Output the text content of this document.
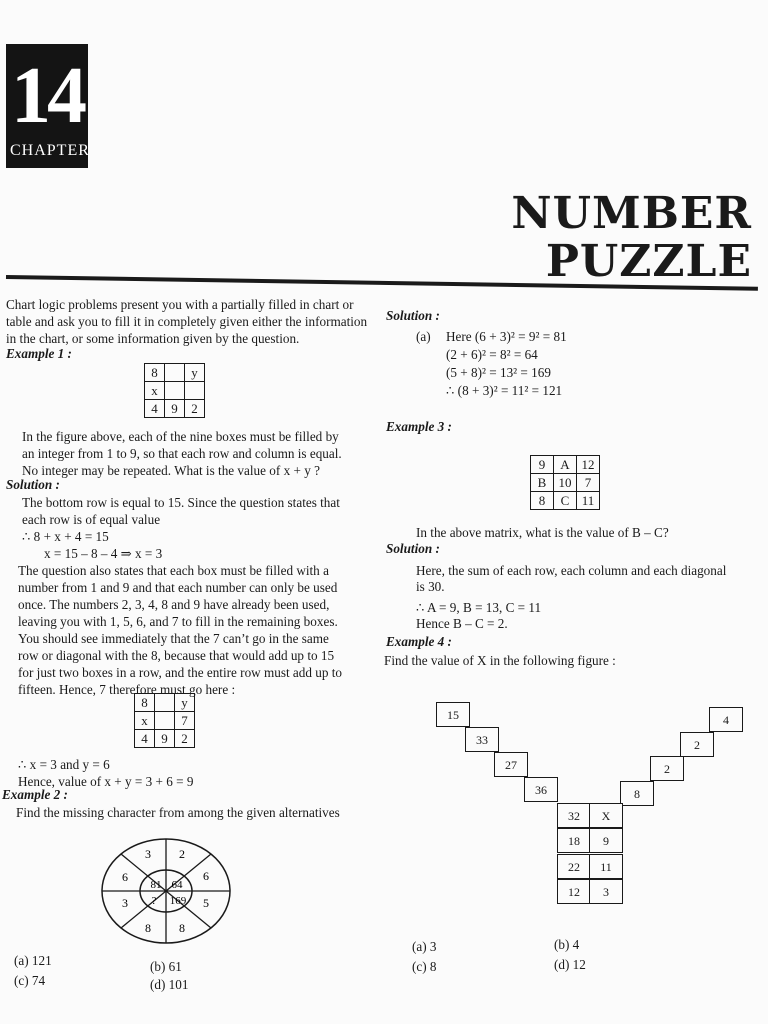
14
CHAPTER
NUMBER
PUZZLE
Chart logic problems present you with a partially filled in chart or
table and ask you to fill it in completely given either the information
in the chart, or some information given by the question.
Example 1 :
8		y
x		
4	9	2
In the figure above, each of the nine boxes must be filled by
an integer from 1 to 9, so that each row and column is equal.
No integer may be repeated. What is the value of x + y ?
Solution :
The bottom row is equal to 15. Since the question states that
each row is of equal value
∴ 8 + x + 4 = 15
x = 15 – 8 – 4 ⇒ x = 3
The question also states that each box must be filled with a
number from 1 and 9 and that each number can only be used
once. The numbers 2, 3, 4, 8 and 9 have already been used,
leaving you with 1, 5, 6, and 7 to fill in the remaining boxes.
You should see immediately that the 7 can’t go in the same
row or diagonal with the 8, because that would add up to 15
for just two boxes in a row, and the entire row must add up to
fifteen. Hence, 7 therefore must go here :
8		y
x		7
4	9	2
∴ x = 3 and y = 6
Hence, value of x + y = 3 + 6 = 9
Example 2 :
Find the missing character from among the given alternatives
3 2
6
5
8
8
3
6
81 64
169
?
(a) 121	(b) 61
(c) 74	(d) 101
Solution :
(a) Here (6 + 3)² = 9² = 81
(2 + 6)² = 8² = 64
(5 + 8)² = 13² = 169
∴ (8 + 3)² = 11² = 121
Example 3 :
9	A	12
B	10	7
8	C	11
In the above matrix, what is the value of B – C?
Solution :
Here, the sum of each row, each column and each diagonal
is 30.
∴ A = 9, B = 13, C = 11
Hence B – C = 2.
Example 4 :
Find the value of X in the following figure :
15
33
27
36
4
2
2
8
32	X
18	9
22	11
12	3
(a) 3	(b) 4
(c) 8	(d) 12
